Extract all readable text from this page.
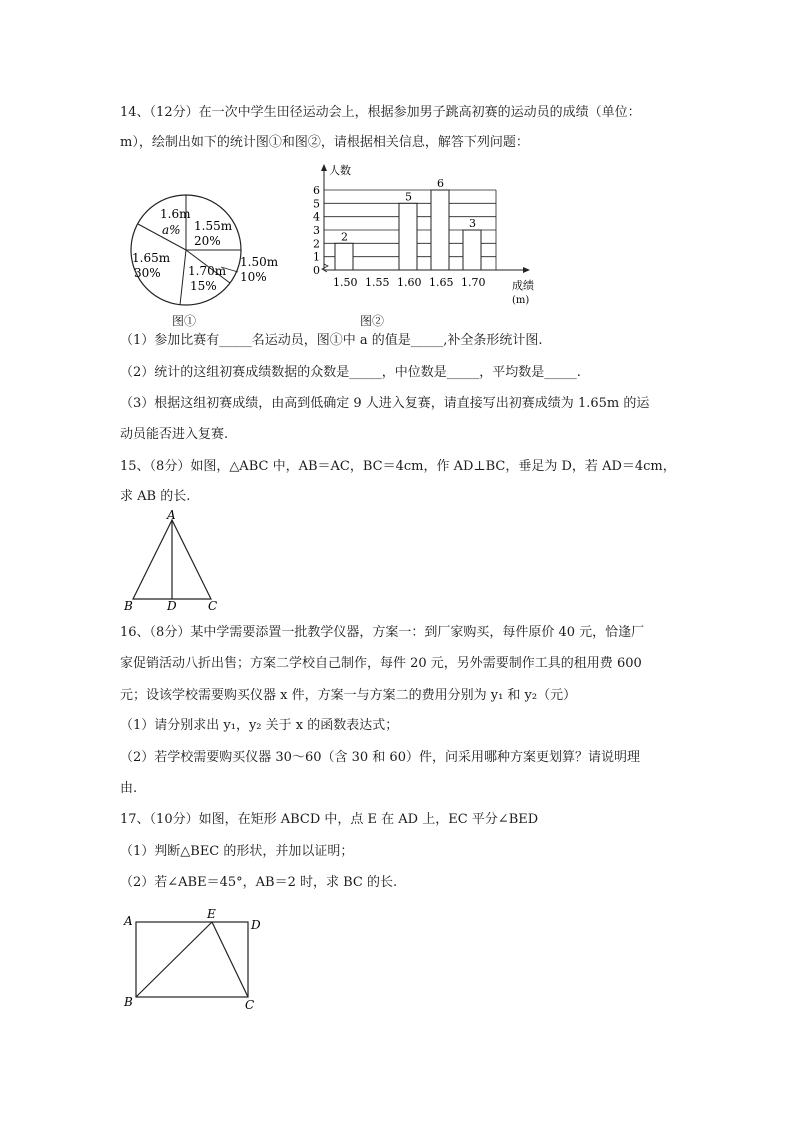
14、（12分）在一次中学生田径运动会上，根据参加男子跳高初赛的运动员的成绩（单位：
m），绘制出如下的统计图①和图②，请根据相关信息，解答下列问题：
1.6m
a% 1.55m
20%
1.50m
10%
1.70m
15%
1.65m
30%
图①
0
1
2
3
4
5
6
人数
成绩
(m)
2
1.50 1.55
5
1.60
6
1.65
3
1.70
图②
（1）参加比赛有_____名运动员，图①中 a 的值是_____,补全条形统计图.
（2）统计的这组初赛成绩数据的众数是_____，中位数是_____，平均数是_____.
（3）根据这组初赛成绩，由高到低确定 9 人进入复赛，请直接写出初赛成绩为 1.65m 的运
动员能否进入复赛.
15、（8分）如图，△ABC 中，AB＝AC，BC＝4cm，作 AD⊥BC，垂足为 D，若 AD＝4cm，
求 AB 的长.
A
B	D	C
16、（8分）某中学需要添置一批教学仪器，方案一：到厂家购买，每件原价 40 元，恰逢厂
家促销活动八折出售；方案二学校自己制作，每件 20 元，另外需要制作工具的租用费 600
元；设该学校需要购买仪器 x 件，方案一与方案二的费用分别为 y₁ 和 y₂（元）
（1）请分别求出 y₁，y₂ 关于 x 的函数表达式；
（2）若学校需要购买仪器 30～60（含 30 和 60）件，问采用哪种方案更划算？请说明理
由.
17、（10分）如图，在矩形 ABCD 中，点 E 在 AD 上，EC 平分∠BED
（1）判断△BEC 的形状，并加以证明；
（2）若∠ABE＝45°，AB＝2 时，求 BC 的长.
A	E
D
B	C
